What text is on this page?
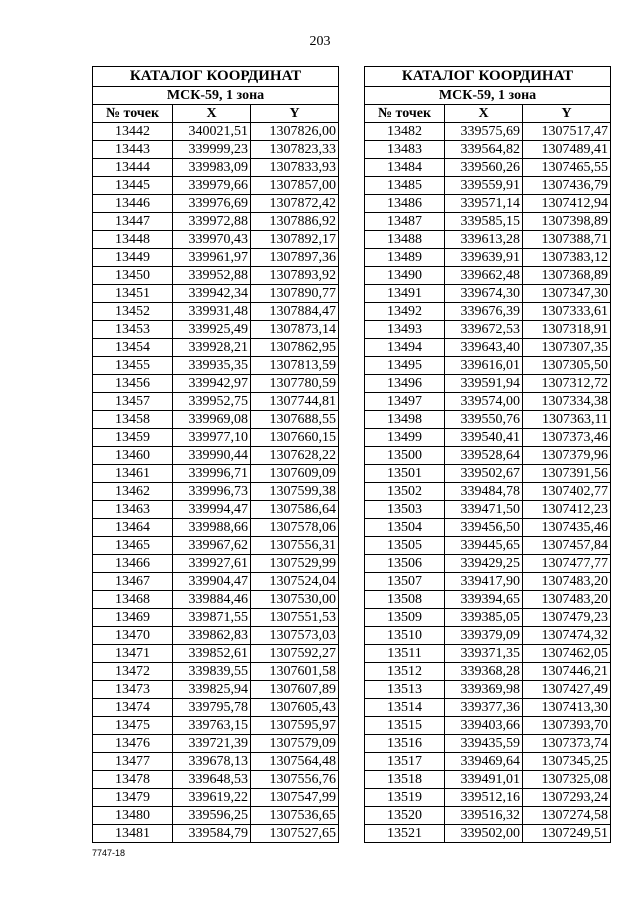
203
КАТАЛОГ КООРДИНАТ		
МСК-59, 1 зона		
№ точек	X	Y
13442	340021,51	1307826,00
13443	339999,23	1307823,33
13444	339983,09	1307833,93
13445	339979,66	1307857,00
13446	339976,69	1307872,42
13447	339972,88	1307886,92
13448	339970,43	1307892,17
13449	339961,97	1307897,36
13450	339952,88	1307893,92
13451	339942,34	1307890,77
13452	339931,48	1307884,47
13453	339925,49	1307873,14
13454	339928,21	1307862,95
13455	339935,35	1307813,59
13456	339942,97	1307780,59
13457	339952,75	1307744,81
13458	339969,08	1307688,55
13459	339977,10	1307660,15
13460	339990,44	1307628,22
13461	339996,71	1307609,09
13462	339996,73	1307599,38
13463	339994,47	1307586,64
13464	339988,66	1307578,06
13465	339967,62	1307556,31
13466	339927,61	1307529,99
13467	339904,47	1307524,04
13468	339884,46	1307530,00
13469	339871,55	1307551,53
13470	339862,83	1307573,03
13471	339852,61	1307592,27
13472	339839,55	1307601,58
13473	339825,94	1307607,89
13474	339795,78	1307605,43
13475	339763,15	1307595,97
13476	339721,39	1307579,09
13477	339678,13	1307564,48
13478	339648,53	1307556,76
13479	339619,22	1307547,99
13480	339596,25	1307536,65
13481	339584,79	1307527,65
КАТАЛОГ КООРДИНАТ		
МСК-59, 1 зона		
№ точек	X	Y
13482	339575,69	1307517,47
13483	339564,82	1307489,41
13484	339560,26	1307465,55
13485	339559,91	1307436,79
13486	339571,14	1307412,94
13487	339585,15	1307398,89
13488	339613,28	1307388,71
13489	339639,91	1307383,12
13490	339662,48	1307368,89
13491	339674,30	1307347,30
13492	339676,39	1307333,61
13493	339672,53	1307318,91
13494	339643,40	1307307,35
13495	339616,01	1307305,50
13496	339591,94	1307312,72
13497	339574,00	1307334,38
13498	339550,76	1307363,11
13499	339540,41	1307373,46
13500	339528,64	1307379,96
13501	339502,67	1307391,56
13502	339484,78	1307402,77
13503	339471,50	1307412,23
13504	339456,50	1307435,46
13505	339445,65	1307457,84
13506	339429,25	1307477,77
13507	339417,90	1307483,20
13508	339394,65	1307483,20
13509	339385,05	1307479,23
13510	339379,09	1307474,32
13511	339371,35	1307462,05
13512	339368,28	1307446,21
13513	339369,98	1307427,49
13514	339377,36	1307413,30
13515	339403,66	1307393,70
13516	339435,59	1307373,74
13517	339469,64	1307345,25
13518	339491,01	1307325,08
13519	339512,16	1307293,24
13520	339516,32	1307274,58
13521	339502,00	1307249,51
7747-18
